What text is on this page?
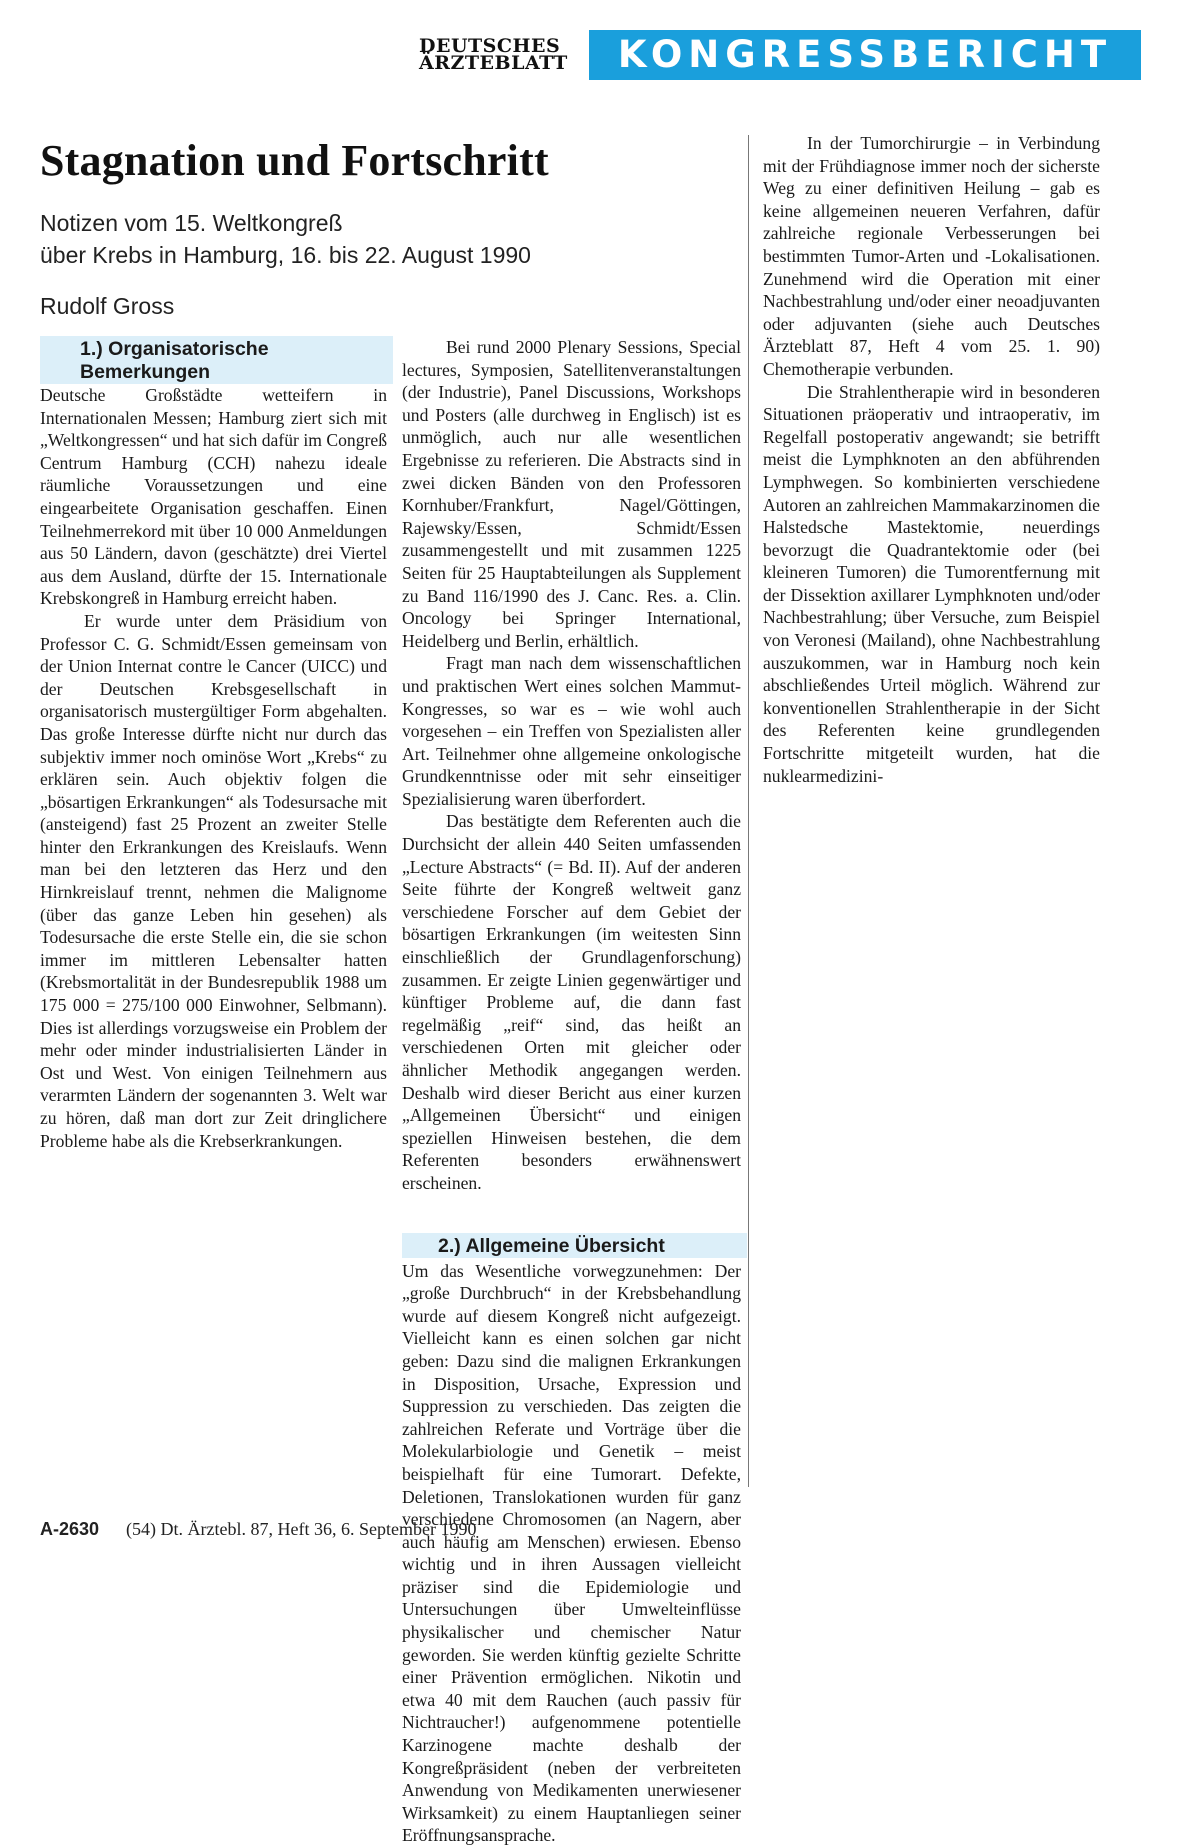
DEUTSCHES
ÄRZTEBLATT	KONGRESSBERICHT
Stagnation und Fortschritt
Notizen vom 15. Weltkongreß
über Krebs in Hamburg, 16. bis 22. August 1990
Rudolf Gross
1.) Organisatorische Bemerkungen

Deutsche Großstädte wetteifern in Internationalen Messen; Hamburg ziert sich mit „Weltkongressen“ und hat sich dafür im Congreß Centrum Hamburg (CCH) nahezu ideale räumliche Voraussetzungen und eine eingearbeitete Organisation geschaffen. Einen Teilnehmerrekord mit über 10 000 Anmeldungen aus 50 Ländern, davon (geschätzte) drei Viertel aus dem Ausland, dürfte der 15. Internationale Krebskongreß in Hamburg erreicht haben.

Er wurde unter dem Präsidium von Professor C. G. Schmidt/Essen gemeinsam von der Union Internat contre le Cancer (UICC) und der Deutschen Krebsgesellschaft in organisatorisch mustergültiger Form abgehalten. Das große Interesse dürfte nicht nur durch das subjektiv immer noch ominöse Wort „Krebs“ zu erklären sein. Auch objektiv folgen die „bösartigen Erkrankungen“ als Todesursache mit (ansteigend) fast 25 Prozent an zweiter Stelle hinter den Erkrankungen des Kreislaufs. Wenn man bei den letzteren das Herz und den Hirnkreislauf trennt, nehmen die Malignome (über das ganze Leben hin gesehen) als Todesursache die erste Stelle ein, die sie schon immer im mittleren Lebensalter hatten (Krebsmortalität in der Bundesrepublik 1988 um 175 000 = 275/100 000 Einwohner, Selbmann). Dies ist allerdings vorzugsweise ein Problem der mehr oder minder industrialisierten Länder in Ost und West. Von einigen Teilnehmern aus verarmten Ländern der sogenannten 3. Welt war zu hören, daß man dort zur Zeit dringlichere Probleme habe als die Krebserkrankungen.

Bei rund 2000 Plenary Sessions, Special lectures, Symposien, Satellitenveranstaltungen (der Industrie), Panel Discussions, Workshops und Posters (alle durchweg in Englisch) ist es unmöglich, auch nur alle wesentlichen Ergebnisse zu referieren. Die Abstracts sind in zwei dicken Bänden von den Professoren Kornhuber/Frankfurt, Nagel/Göttingen, Rajewsky/Essen, Schmidt/Essen zusammengestellt und mit zusammen 1225 Seiten für 25 Hauptabteilungen als Supplement zu Band 116/1990 des J. Canc. Res. a. Clin. Oncology bei Springer International, Heidelberg und Berlin, erhältlich.

Fragt man nach dem wissenschaftlichen und praktischen Wert eines solchen Mammut-Kongresses, so war es – wie wohl auch vorgesehen – ein Treffen von Spezialisten aller Art. Teilnehmer ohne allgemeine onkologische Grundkenntnisse oder mit sehr einseitiger Spezialisierung waren überfordert.

Das bestätigte dem Referenten auch die Durchsicht der allein 440 Seiten umfassenden „Lecture Abstracts“ (= Bd. II). Auf der anderen Seite führte der Kongreß weltweit ganz verschiedene Forscher auf dem Gebiet der bösartigen Erkrankungen (im weitesten Sinn einschließlich der Grundlagenforschung) zusammen. Er zeigte Linien gegenwärtiger und künftiger Probleme auf, die dann fast regelmäßig „reif“ sind, das heißt an verschiedenen Orten mit gleicher oder ähnlicher Methodik angegangen werden. Deshalb wird dieser Bericht aus einer kurzen „Allgemeinen Übersicht“ und einigen speziellen Hinweisen bestehen, die dem Referenten besonders erwähnenswert erscheinen.

2.) Allgemeine Übersicht

Um das Wesentliche vorwegzunehmen: Der „große Durchbruch“ in der Krebsbehandlung wurde auf diesem Kongreß nicht aufgezeigt. Vielleicht kann es einen solchen gar nicht geben: Dazu sind die malignen Erkrankungen in Disposition, Ursache, Expression und Suppression zu verschieden. Das zeigten die zahlreichen Referate und Vorträge über die Molekularbiologie und Genetik – meist beispielhaft für eine Tumorart. Defekte, Deletionen, Translokationen wurden für ganz verschiedene Chromosomen (an Nagern, aber auch häufig am Menschen) erwiesen. Ebenso wichtig und in ihren Aussagen vielleicht präziser sind die Epidemiologie und Untersuchungen über Umwelteinflüsse physikalischer und chemischer Natur geworden. Sie werden künftig gezielte Schritte einer Prävention ermöglichen. Nikotin und etwa 40 mit dem Rauchen (auch passiv für Nichtraucher!) aufgenommene potentielle Karzinogene machte deshalb der Kongreßpräsident (neben der verbreiteten Anwendung von Medikamenten unerwiesener Wirksamkeit) zu einem Hauptanliegen seiner Eröffnungsansprache.

In der Tumorchirurgie – in Verbindung mit der Frühdiagnose immer noch der sicherste Weg zu einer definitiven Heilung – gab es keine allgemeinen neueren Verfahren, dafür zahlreiche regionale Verbesserungen bei bestimmten Tumor-Arten und -Lokalisationen. Zunehmend wird die Operation mit einer Nachbestrahlung und/oder einer neoadjuvanten oder adjuvanten (siehe auch Deutsches Ärzteblatt 87, Heft 4 vom 25. 1. 90) Chemotherapie verbunden.

Die Strahlentherapie wird in besonderen Situationen präoperativ und intraoperativ, im Regelfall postoperativ angewandt; sie betrifft meist die Lymphknoten an den abführenden Lymphwegen. So kombinierten verschiedene Autoren an zahlreichen Mammakarzinomen die Halstedsche Mastektomie, neuerdings bevorzugt die Quadrantektomie oder (bei kleineren Tumoren) die Tumorentfernung mit der Dissektion axillarer Lymphknoten und/oder Nachbestrahlung; über Versuche, zum Beispiel von Veronesi (Mailand), ohne Nachbestrahlung auszukommen, war in Hamburg noch kein abschließendes Urteil möglich. Während zur konventionellen Strahlentherapie in der Sicht des Referenten keine grundlegenden Fortschritte mitgeteilt wurden, hat die nuklearmedizini-

A-2630 (54) Dt. Ärztebl. 87, Heft 36, 6. September 1990
